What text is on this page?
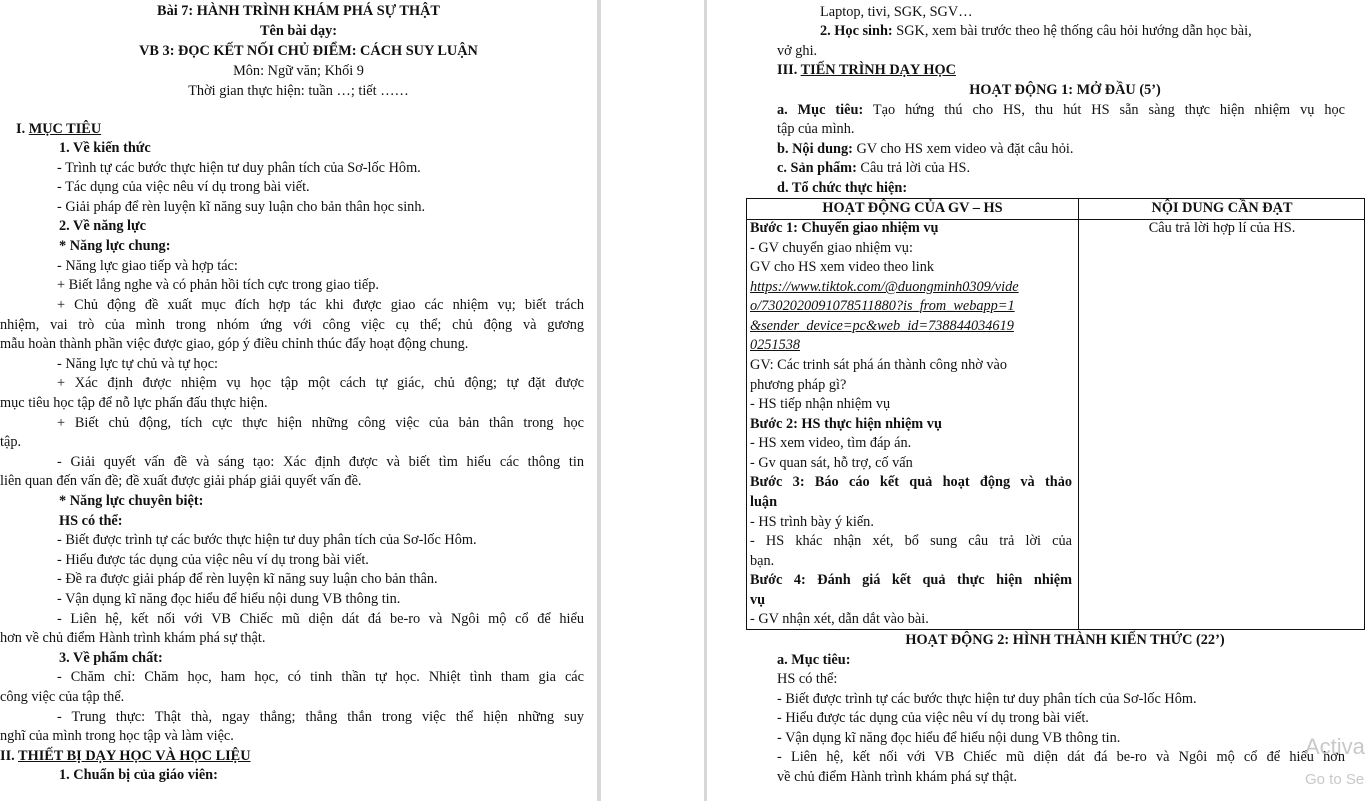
Bài 7: HÀNH TRÌNH KHÁM PHÁ SỰ THẬT
Tên bài dạy:
VB 3: ĐỌC KẾT NỐI CHỦ ĐIỂM: CÁCH SUY LUẬN
Môn: Ngữ văn; Khối 9
Thời gian thực hiện: tuần …; tiết ……
I. MỤC TIÊU
1. Về kiến thức
- Trình tự các bước thực hiện tư duy phân tích của Sơ-lốc Hôm.
- Tác dụng của việc nêu ví dụ trong bài viết.
- Giải pháp để rèn luyện kĩ năng suy luận cho bản thân học sinh.
2. Về năng lực
* Năng lực chung:
- Năng lực giao tiếp và hợp tác:
+ Biết lắng nghe và có phản hồi tích cực trong giao tiếp.
+ Chủ động đề xuất mục đích hợp tác khi được giao các nhiệm vụ; biết trách
nhiệm, vai trò của mình trong nhóm ứng với công việc cụ thể; chủ động và gương
mẫu hoàn thành phần việc được giao, góp ý điều chỉnh thúc đẩy hoạt động chung.
- Năng lực tự chủ và tự học:
+ Xác định được nhiệm vụ học tập một cách tự giác, chủ động; tự đặt được
mục tiêu học tập để nỗ lực phấn đấu thực hiện.
+ Biết chủ động, tích cực thực hiện những công việc của bản thân trong học
tập.
- Giải quyết vấn đề và sáng tạo: Xác định được và biết tìm hiểu các thông tin
liên quan đến vấn đề; đề xuất được giải pháp giải quyết vấn đề.
* Năng lực chuyên biệt:
HS có thể:
- Biết được trình tự các bước thực hiện tư duy phân tích của Sơ-lốc Hôm.
- Hiểu được tác dụng của việc nêu ví dụ trong bài viết.
- Đề ra được giải pháp để rèn luyện kĩ năng suy luận cho bản thân.
- Vận dụng kĩ năng đọc hiểu để hiểu nội dung VB thông tin.
- Liên hệ, kết nối với VB Chiếc mũ diện dát đá be-ro và Ngôi mộ cổ để hiểu
hơn về chủ điểm Hành trình khám phá sự thật.
3. Về phẩm chất:
- Chăm chỉ: Chăm học, ham học, có tinh thần tự học. Nhiệt tình tham gia các
công việc của tập thể.
- Trung thực: Thật thà, ngay thẳng; thẳng thắn trong việc thể hiện những suy
nghĩ của mình trong học tập và làm việc.
II. THIẾT BỊ DẠY HỌC VÀ HỌC LIỆU
1. Chuẩn bị của giáo viên:
Laptop, tivi, SGK, SGV…
2. Học sinh: SGK, xem bài trước theo hệ thống câu hỏi hướng dẫn học bài,
vở ghi.
III. TIẾN TRÌNH DẠY HỌC
HOẠT ĐỘNG 1: MỞ ĐẦU (5’)
a. Mục tiêu: Tạo hứng thú cho HS, thu hút HS sẵn sàng thực hiện nhiệm vụ học
tập của mình.
b. Nội dung: GV cho HS xem video và đặt câu hỏi.
c. Sản phẩm: Câu trả lời của HS.
d. Tổ chức thực hiện:
HOẠT ĐỘNG CỦA GV – HS	NỘI DUNG CẦN ĐẠT
Câu trả lời hợp lí của HS.
Bước 1: Chuyển giao nhiệm vụ
- GV chuyển giao nhiệm vụ:
GV cho HS xem video theo link
https://www.tiktok.com/@duongminh0309/vide
o/7302020091078511880?is_from_webapp=1
&sender_device=pc&web_id=738844034619
0251538
GV: Các trinh sát phá án thành công nhờ vào
phương pháp gì?
- HS tiếp nhận nhiệm vụ
Bước 2: HS thực hiện nhiệm vụ
- HS xem video, tìm đáp án.
- Gv quan sát, hỗ trợ, cố vấn
Bước 3: Báo cáo kết quả hoạt động và thảo
luận
- HS trình bày ý kiến.
- HS khác nhận xét, bổ sung câu trả lời của
bạn.
Bước 4: Đánh giá kết quả thực hiện nhiệm
vụ
- GV nhận xét, dẫn dắt vào bài.
HOẠT ĐỘNG 2: HÌNH THÀNH KIẾN THỨC (22’)
a. Mục tiêu:
HS có thể:
- Biết được trình tự các bước thực hiện tư duy phân tích của Sơ-lốc Hôm.
- Hiểu được tác dụng của việc nêu ví dụ trong bài viết.
- Vận dụng kĩ năng đọc hiểu để hiểu nội dung VB thông tin.
- Liên hệ, kết nối với VB Chiếc mũ diện dát đá be-ro và Ngôi mộ cổ để hiểu hơn
về chủ điểm Hành trình khám phá sự thật.
Activa
Go to Se
